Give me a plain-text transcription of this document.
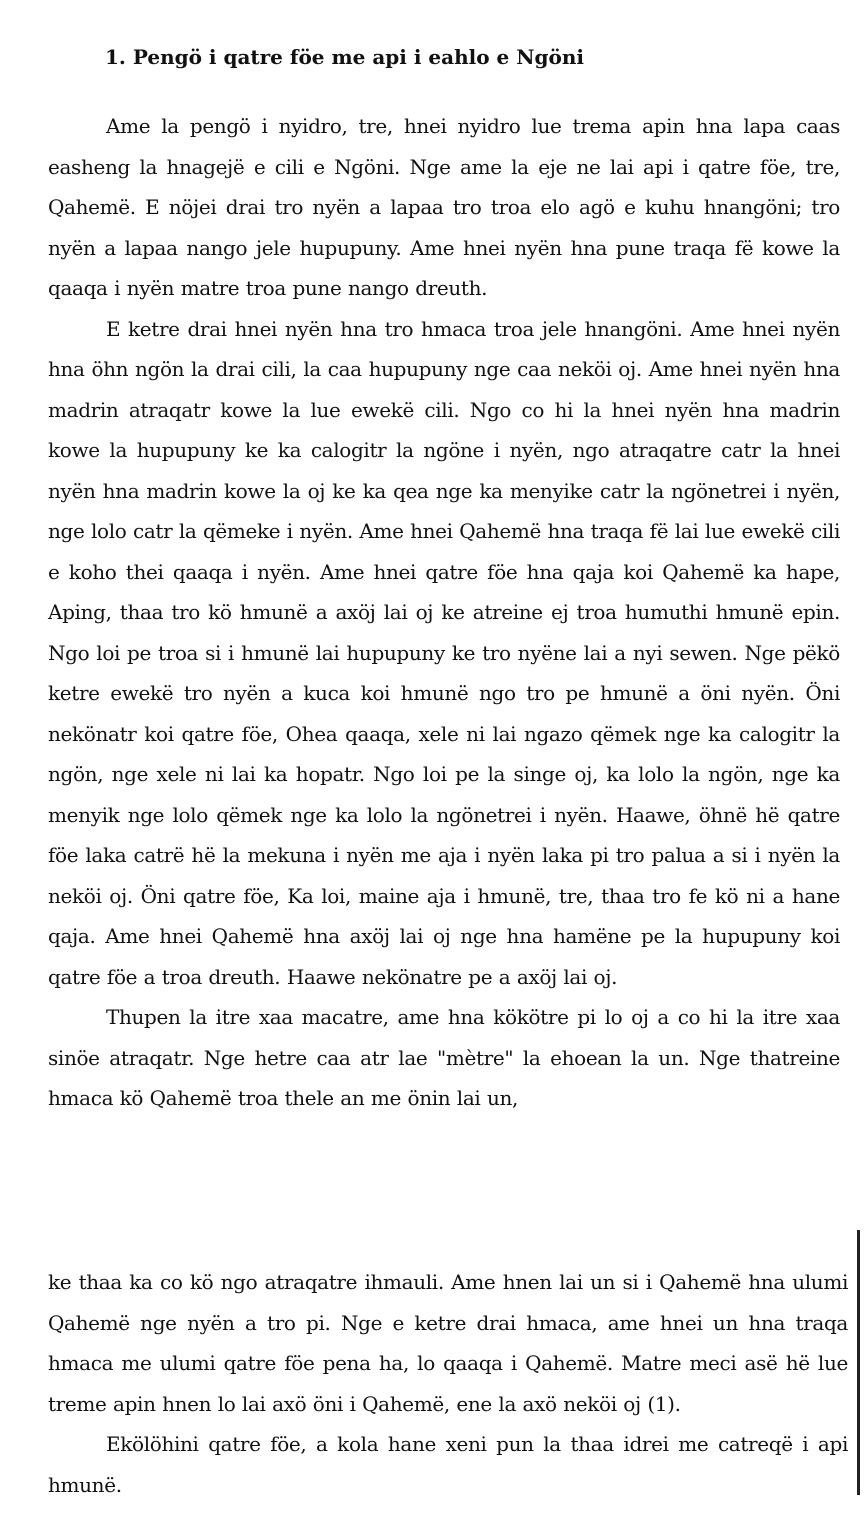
1. Pengö i qatre föe me api i eahlo e Ngöni

Ame la pengö i nyidro, tre, hnei nyidro lue trema apin hna lapa caas easheng la hnagejë e cili e Ngöni. Nge ame la eje ne lai api i qatre föe, tre, Qahemë. E nöjei drai tro nyën a lapaa tro troa elo agö e kuhu hnangöni; tro nyën a lapaa nango jele hupupuny. Ame hnei nyën hna pune traqa fë kowe la qaaqa i nyën matre troa pune nango dreuth.

E ketre drai hnei nyën hna tro hmaca troa jele hnangöni. Ame hnei nyën hna öhn ngön la drai cili, la caa hupupuny nge caa neköi oj. Ame hnei nyën hna madrin atraqatr kowe la lue ewekë cili. Ngo co hi la hnei nyën hna madrin kowe la hupupuny ke ka calogitr la ngöne i nyën, ngo atraqatre catr la hnei nyën hna madrin kowe la oj ke ka qea nge ka menyike catr la ngönetrei i nyën, nge lolo catr la qëmeke i nyën. Ame hnei Qahemë hna traqa fë lai lue ewekë cili e koho thei qaaqa i nyën. Ame hnei qatre föe hna qaja koi Qahemë ka hape, Aping, thaa tro kö hmunë a axöj lai oj ke atreine ej troa humuthi hmunë epin. Ngo loi pe troa si i hmunë lai hupupuny ke tro nyëne lai a nyi sewen. Nge pëkö ketre ewekë tro nyën a kuca koi hmunë ngo tro pe hmunë a öni nyën. Öni nekönatr koi qatre föe, Ohea qaaqa, xele ni lai ngazo qëmek nge ka calogitr la ngön, nge xele ni lai ka hopatr. Ngo loi pe la singe oj, ka lolo la ngön, nge ka menyik nge lolo qëmek nge ka lolo la ngönetrei i nyën. Haawe, öhnë hë qatre föe laka catrë hë la mekuna i nyën me aja i nyën laka pi tro palua a si i nyën la neköi oj. Öni qatre föe, Ka loi, maine aja i hmunë, tre, thaa tro fe kö ni a hane qaja. Ame hnei Qahemë hna axöj lai oj nge hna hamëne pe la hupupuny koi qatre föe a troa dreuth. Haawe nekönatre pe a axöj lai oj.

Thupen la itre xaa macatre, ame hna kökötre pi lo oj a co hi la itre xaa sinöe atraqatr. Nge hetre caa atr lae "mètre" la ehoean la un. Nge thatreine hmaca kö Qahemë troa thele an me önin lai un,

ke thaa ka co kö ngo atraqatre ihmauli. Ame hnen lai un si i Qahemë hna ulumi Qahemë nge nyën a tro pi. Nge e ketre drai hmaca, ame hnei un hna traqa hmaca me ulumi qatre föe pena ha, lo qaaqa i Qahemë. Matre meci asë hë lue treme apin hnen lo lai axö öni i Qahemë, ene la axö neköi oj (1).

Ekölöhini qatre föe, a kola hane xeni pun la thaa idrei me catreqë i api hmunë.
